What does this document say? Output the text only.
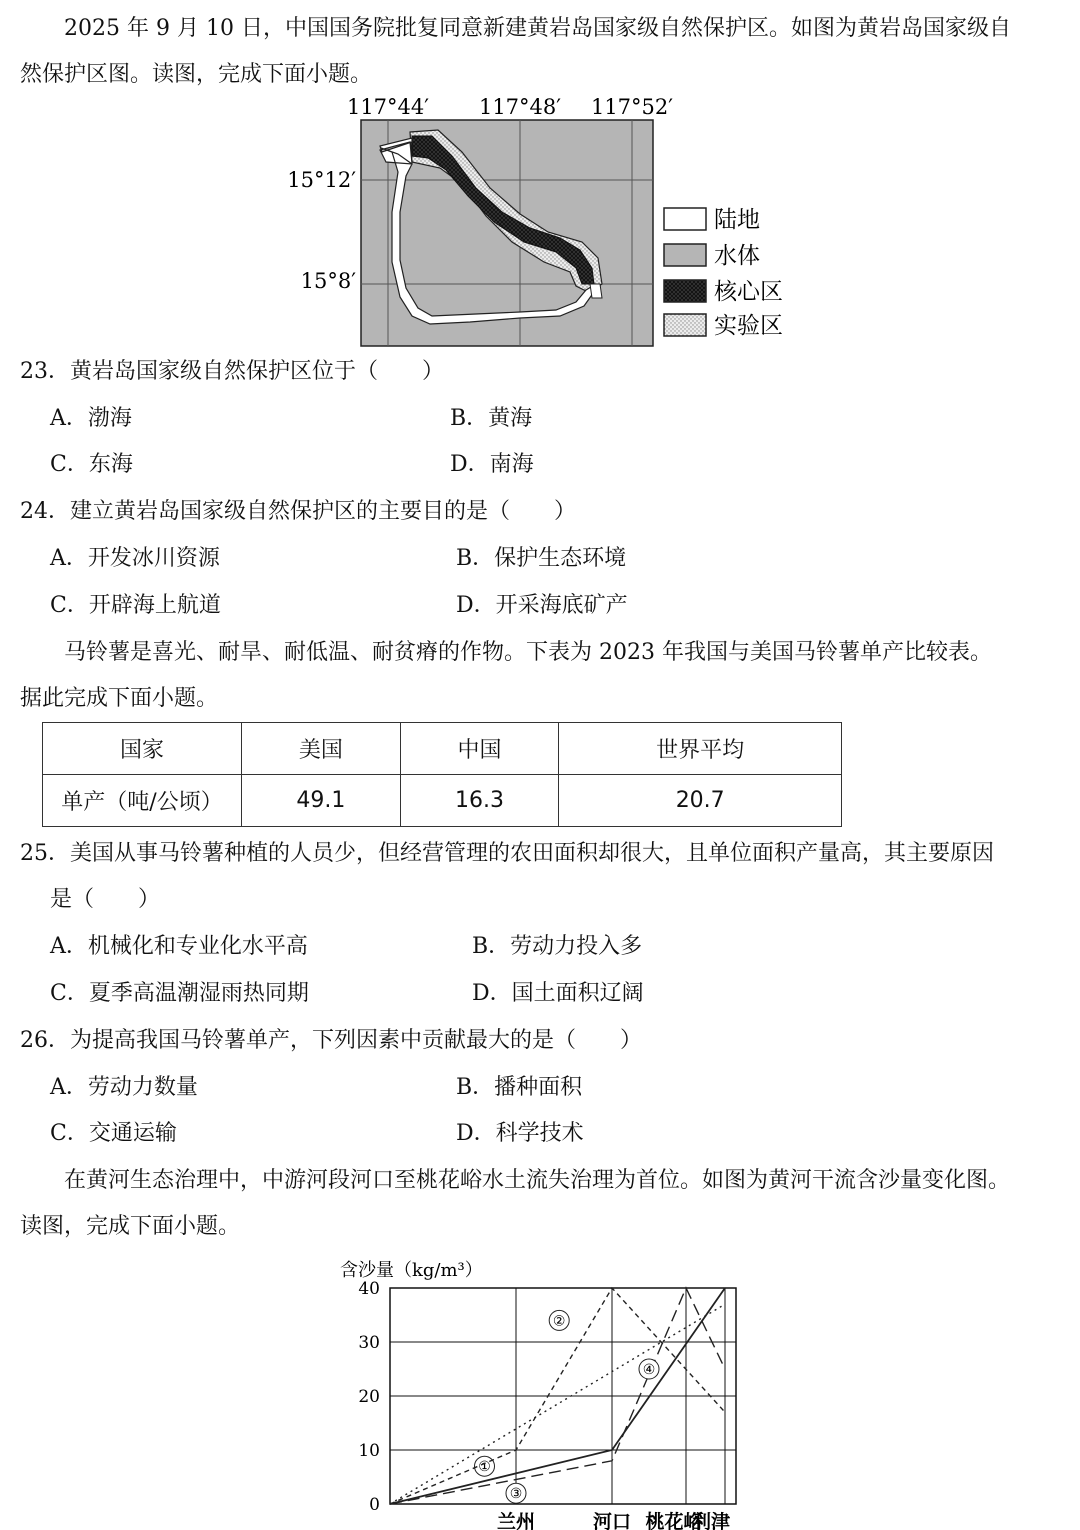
2025 年 9 月 10 日，中国国务院批复同意新建黄岩岛国家级自然保护区。如图为黄岩岛国家级自
然保护区图。读图，完成下面小题。
117°44′ 117°48′ 117°52′
15°12′
15°8′
陆地
水体
核心区
实验区
23．黄岩岛国家级自然保护区位于（　　）
A．渤海	B．黄海
C．东海	D．南海
24．建立黄岩岛国家级自然保护区的主要目的是（　　）
A．开发冰川资源	B．保护生态环境
C．开辟海上航道	D．开采海底矿产
马铃薯是喜光、耐旱、耐低温、耐贫瘠的作物。下表为 2023 年我国与美国马铃薯单产比较表。
据此完成下面小题。
国家	美国	中国	世界平均
单产（吨/公顷）	49.1	16.3	20.7
25．美国从事马铃薯种植的人员少，但经营管理的农田面积却很大，且单位面积产量高，其主要原因
是（　　）
A．机械化和专业化水平高	B．劳动力投入多
C．夏季高温潮湿雨热同期	D．国土面积辽阔
26．为提高我国马铃薯单产，下列因素中贡献最大的是（　　）
A．劳动力数量	B．播种面积
C．交通运输	D．科学技术
在黄河生态治理中，中游河段河口至桃花峪水土流失治理为首位。如图为黄河干流含沙量变化图。
读图，完成下面小题。
含沙量（kg/m³）
0
10
20
30
40
兰州	河口 桃花峪
利津
①
②
③
④
